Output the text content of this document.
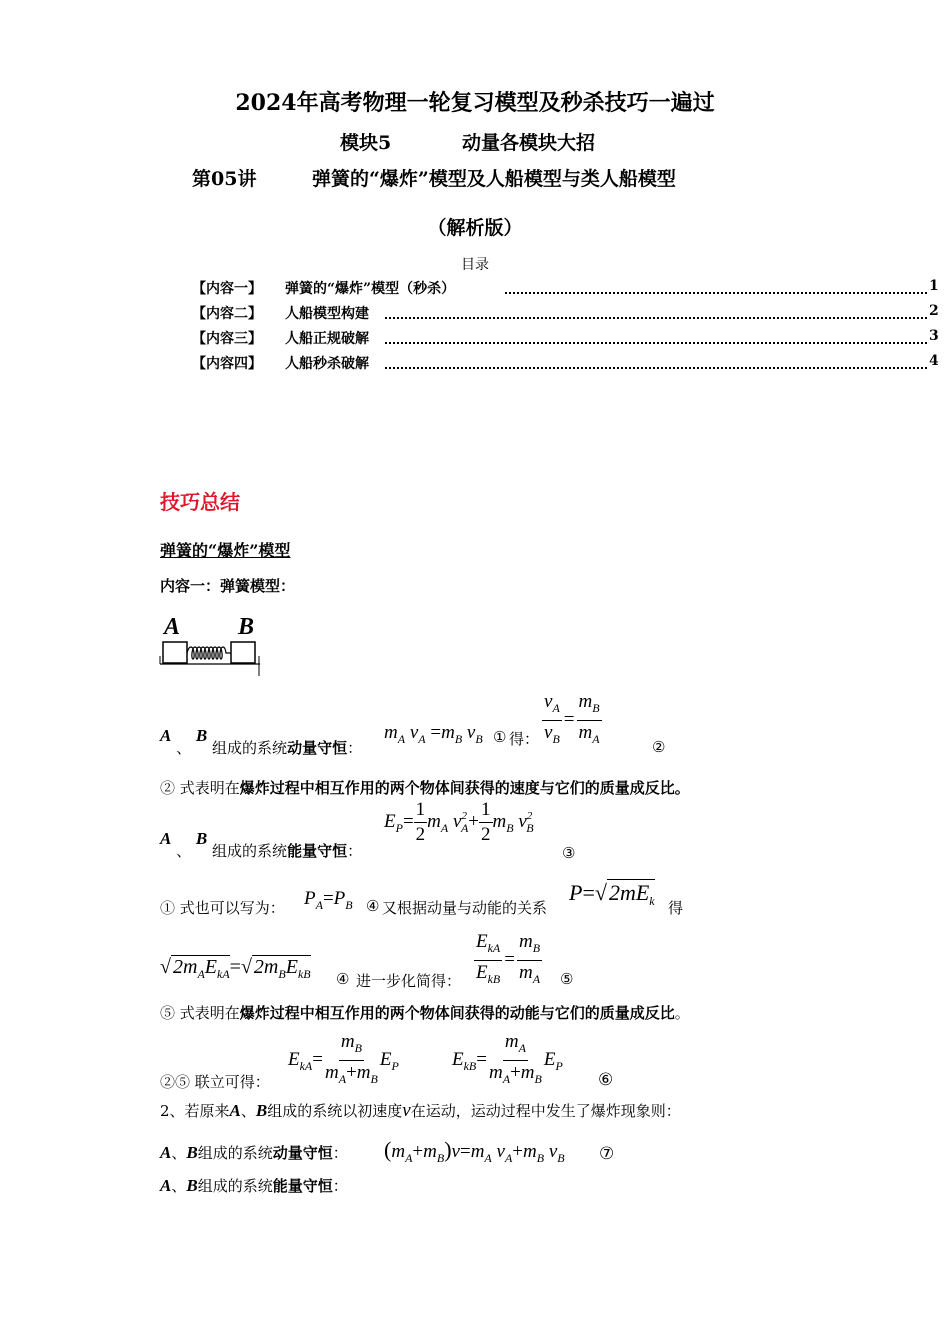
2024年高考物理一轮复习模型及秒杀技巧一遍过
模块5	动量各模块大招
第05讲	弹簧的“爆炸”模型及人船模型与类人船模型
（解析版）
目录
【内容一】 弹簧的“爆炸”模型（秒杀）	1
【内容二】 人船模型构建	2
【内容三】 人船正规破解	3
【内容四】 人船秒杀破解	4
技巧总结
弹簧的“爆炸”模型
内容一：弹簧模型：
A B
A 、 B 组成的系统动量守恒：
$m_A$ $v_A =m_B$ $v_B$ ① 得： $\frac{v_A}{v_B} = \frac{m_B}{m_A}$	②
② 式表明在爆炸过程中相互作用的两个物体间获得的速度与它们的质量成反比。
A 、 B 组成的系统能量守恒：
$E_P= \frac{1}{2} m_A$ $v^2_A+ \frac{1}{2} m_B$ $v^2_B$
③
① 式也可以写为： $P_A=P_B$ ④ 又根据动量与动能的关系
$P=√2mE_k$ 得
√ $2m_AE_{kA}=√$ $2m_BE_{kB}$ ④ 进一步化简得： $\frac{E_{kA}}{E_{kB}} = \frac{m_B}{m_A}$ ⑤
⑤ 式表明在爆炸过程中相互作用的两个物体间获得的动能与它们的质量成反比。
②⑤ 联立可得：
$E_{kA}= \frac{m_B}{m_A+m_B} E_P$	$E_{kB}= \frac{m_A}{m_A+m_B} E_P$
⑥
2、若原来A、B组成的系统以初速度v在运动，运动过程中发生了爆炸现象则：
A、B组成的系统动量守恒： $(m_A+m_B)v=m_A$ $v_A+m_B$ $v_B$ ⑦
A、B组成的系统能量守恒：
